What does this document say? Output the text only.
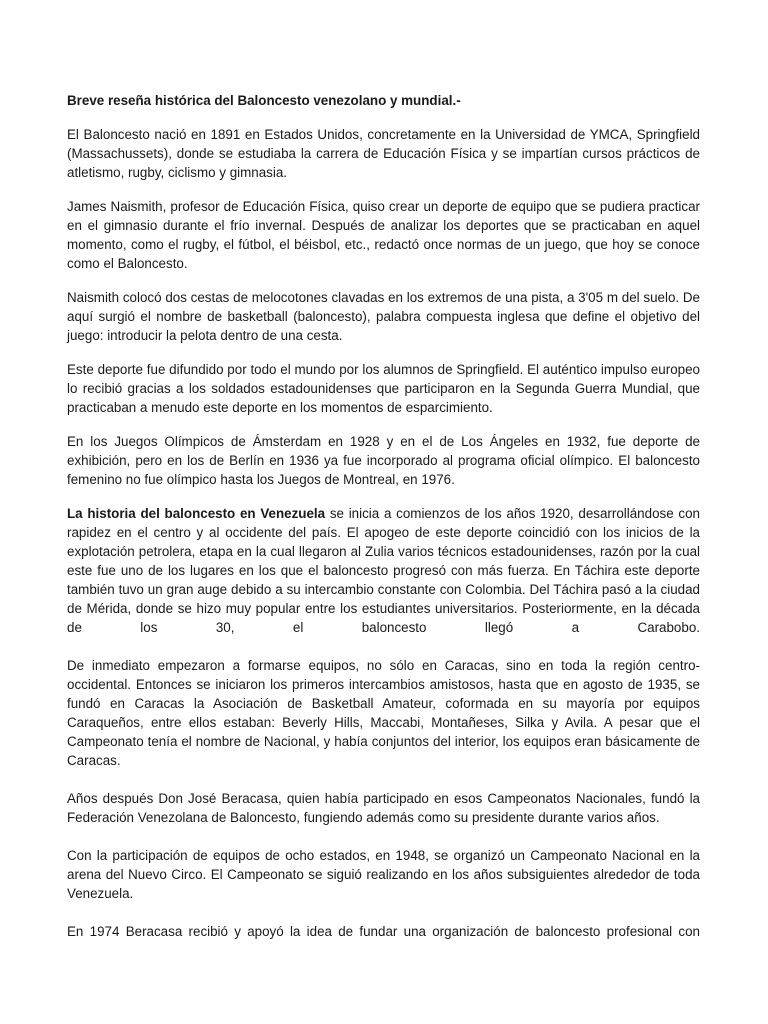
Breve reseña histórica del Baloncesto venezolano y mundial.-

El Baloncesto nació en 1891 en Estados Unidos, concretamente en la Universidad de YMCA, Springfield (Massachussets), donde se estudiaba la carrera de Educación Física y se impartían cursos prácticos de atletismo, rugby, ciclismo y gimnasia.

James Naismith, profesor de Educación Física, quiso crear un deporte de equipo que se pudiera practicar en el gimnasio durante el frío invernal. Después de analizar los deportes que se practicaban en aquel momento, como el rugby, el fútbol, el béisbol, etc., redactó once normas de un juego, que hoy se conoce como el Baloncesto.

Naismith colocó dos cestas de melocotones clavadas en los extremos de una pista, a 3'05 m del suelo. De aquí surgió el nombre de basketball (baloncesto), palabra compuesta inglesa que define el objetivo del juego: introducir la pelota dentro de una cesta.

Este deporte fue difundido por todo el mundo por los alumnos de Springfield. El auténtico impulso europeo lo recibió gracias a los soldados estadounidenses que participaron en la Segunda Guerra Mundial, que practicaban a menudo este deporte en los momentos de esparcimiento.

En los Juegos Olímpicos de Ámsterdam en 1928 y en el de Los Ángeles en 1932, fue deporte de exhibición, pero en los de Berlín en 1936 ya fue incorporado al programa oficial olímpico. El baloncesto femenino no fue olímpico hasta los Juegos de Montreal, en 1976.

La historia del baloncesto en Venezuela se inicia a comienzos de los años 1920, desarrollándose con rapidez en el centro y al occidente del país. El apogeo de este deporte coincidió con los inicios de la explotación petrolera, etapa en la cual llegaron al Zulia varios técnicos estadounidenses, razón por la cual este fue uno de los lugares en los que el baloncesto progresó con más fuerza. En Táchira este deporte también tuvo un gran auge debido a su intercambio constante con Colombia. Del Táchira pasó a la ciudad de Mérida, donde se hizo muy popular entre los estudiantes universitarios. Posteriormente, en la década de los 30, el baloncesto llegó a Carabobo.

De inmediato empezaron a formarse equipos, no sólo en Caracas, sino en toda la región centro-occidental. Entonces se iniciaron los primeros intercambios amistosos, hasta que en agosto de 1935, se fundó en Caracas la Asociación de Basketball Amateur, coformada en su mayoría por equipos Caraqueños, entre ellos estaban: Beverly Hills, Maccabi, Montañeses, Silka y Avila. A pesar que el Campeonato tenía el nombre de Nacional, y había conjuntos del interior, los equipos eran básicamente de Caracas.

Años después Don José Beracasa, quien había participado en esos Campeonatos Nacionales, fundó la Federación Venezolana de Baloncesto, fungiendo además como su presidente durante varios años.

Con la participación de equipos de ocho estados, en 1948, se organizó un Campeonato Nacional en la arena del Nuevo Circo. El Campeonato se siguió realizando en los años subsiguientes alrededor de toda Venezuela.

En 1974 Beracasa recibió y apoyó la idea de fundar una organización de baloncesto profesional con
